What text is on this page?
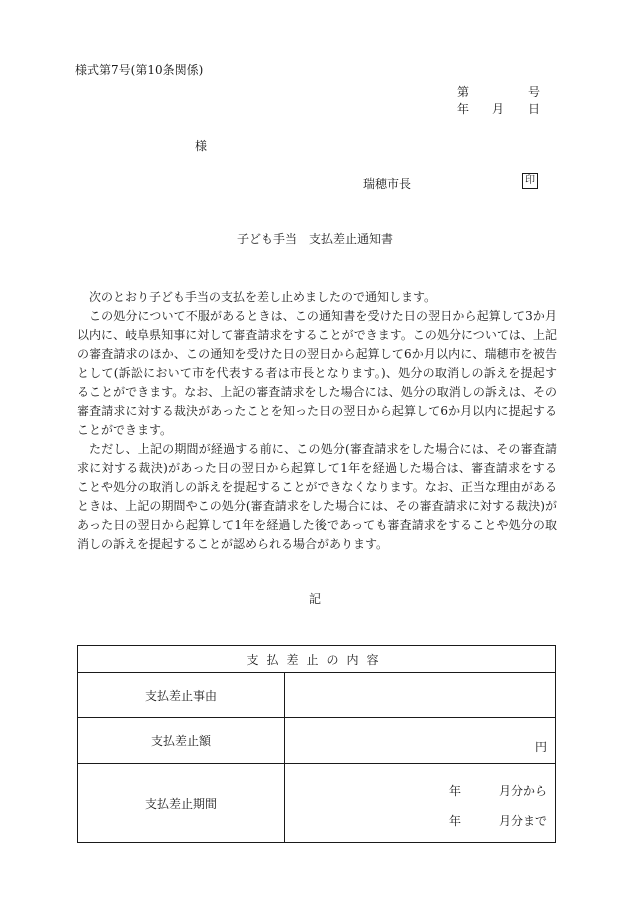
様式第7号(第10条関係)
第	号
年 月 日
様
瑞穂市長	印
子ども手当　支払差止通知書

次のとおり子ども手当の支払を差し止めましたので通知します。

この処分について不服があるときは、この通知書を受けた日の翌日から起算して3か月以内に、岐阜県知事に対して審査請求をすることができます。この処分については、上記の審査請求のほか、この通知を受けた日の翌日から起算して6か月以内に、瑞穂市を被告として(訴訟において市を代表する者は市長となります。)、処分の取消しの訴えを提起することができます。なお、上記の審査請求をした場合には、処分の取消しの訴えは、その審査請求に対する裁決があったことを知った日の翌日から起算して6か月以内に提起することができます。

ただし、上記の期間が経過する前に、この処分(審査請求をした場合には、その審査請求に対する裁決)があった日の翌日から起算して1年を経過した場合は、審査請求をすることや処分の取消しの訴えを提起することができなくなります。なお、正当な理由があるときは、上記の期間やこの処分(審査請求をした場合には、その審査請求に対する裁決)があった日の翌日から起算して1年を経過した後であっても審査請求をすることや処分の取消しの訴えを提起することが認められる場合があります。

記
支払差止の内容	
支払差止事由	
支払差止額	円

支払差止期間	年 月分から
年 月分まで
